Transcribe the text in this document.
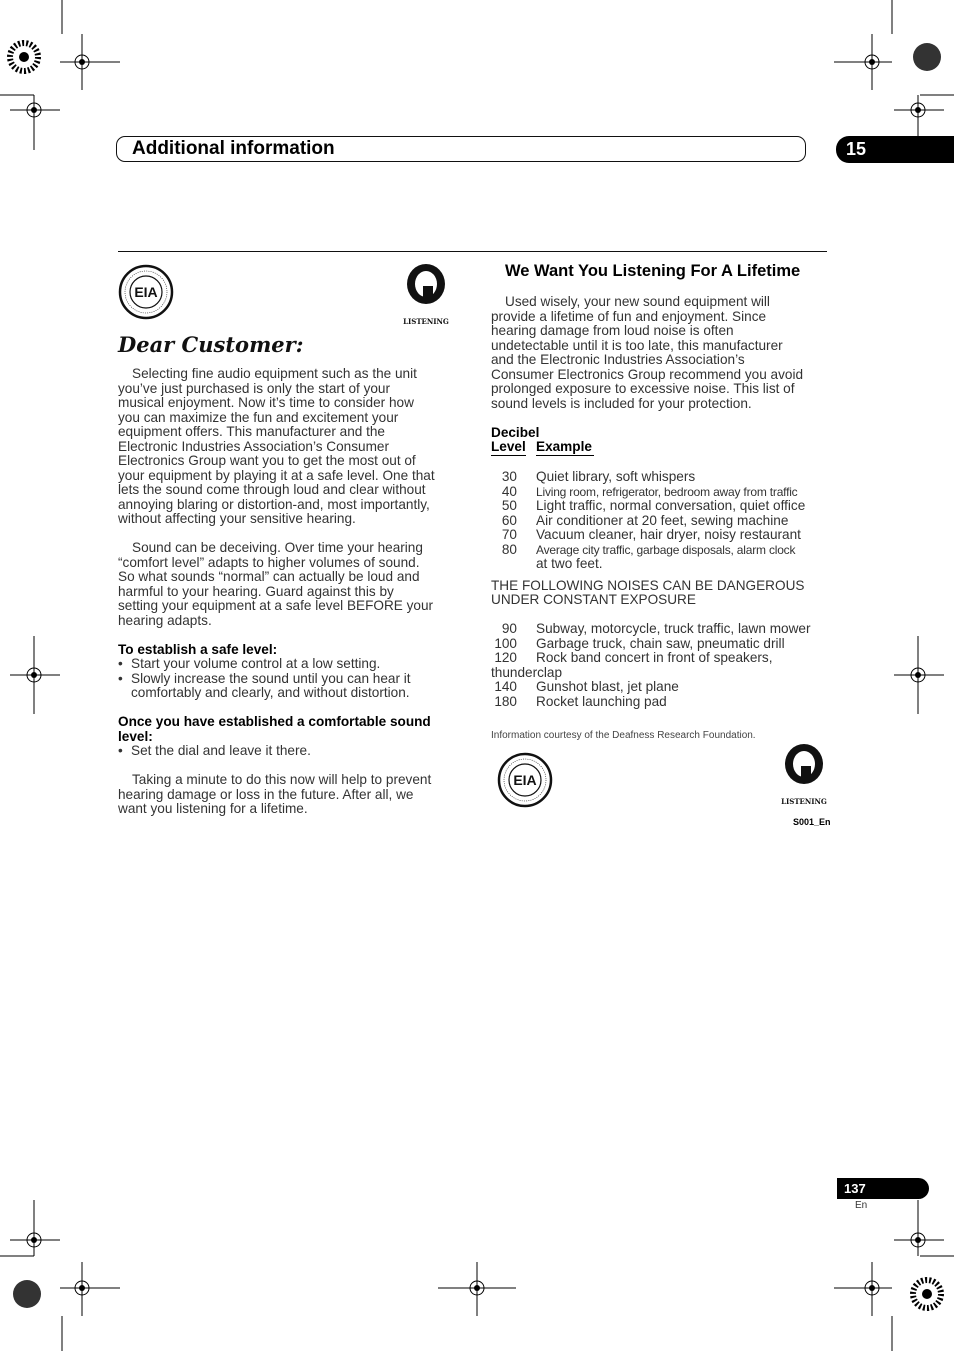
Additional information	15
EIA
LISTENING
Dear Customer:

Selecting fine audio equipment such as the unit

you’ve just purchased is only the start of your

musical enjoyment. Now it’s time to consider how

you can maximize the fun and excitement your

equipment offers. This manufacturer and the

Electronic Industries Association’s Consumer

Electronics Group want you to get the most out of

your equipment by playing it at a safe level. One that

lets the sound come through loud and clear without

annoying blaring or distortion-and, most importantly,

without affecting your sensitive hearing.

Sound can be deceiving. Over time your hearing

“comfort level” adapts to higher volumes of sound.

So what sounds “normal” can actually be loud and

harmful to your hearing. Guard against this by

setting your equipment at a safe level BEFORE your

hearing adapts.

To establish a safe level:

• Start your volume control at a low setting.

• Slowly increase the sound until you can hear it

comfortably and clearly, and without distortion.

Once you have established a comfortable sound

level:

• Set the dial and leave it there.

Taking a minute to do this now will help to prevent

hearing damage or loss in the future. After all, we

want you listening for a lifetime.

We Want You Listening For A Lifetime

Used wisely, your new sound equipment will

provide a lifetime of fun and enjoyment. Since

hearing damage from loud noise is often

undetectable until it is too late, this manufacturer

and the Electronic Industries Association’s

Consumer Electronics Group recommend you avoid

prolonged exposure to excessive noise. This list of

sound levels is included for your protection.

Decibel

Level Example
30 Quiet library, soft whispers
40 Living room, refrigerator, bedroom away from traffic
50 Light traffic, normal conversation, quiet office
60 Air conditioner at 20 feet, sewing machine
70 Vacuum cleaner, hair dryer, noisy restaurant
80 Average city traffic, garbage disposals, alarm clock

at two feet.

THE FOLLOWING NOISES CAN BE DANGEROUS

UNDER CONSTANT EXPOSURE

90 Subway, motorcycle, truck traffic, lawn mower
100 Garbage truck, chain saw, pneumatic drill
120 Rock band concert in front of speakers,

thunderclap

140 Gunshot blast, jet plane
180 Rocket launching pad
Information courtesy of the Deafness Research Foundation.
EIA
LISTENING
S001_En
137
En
